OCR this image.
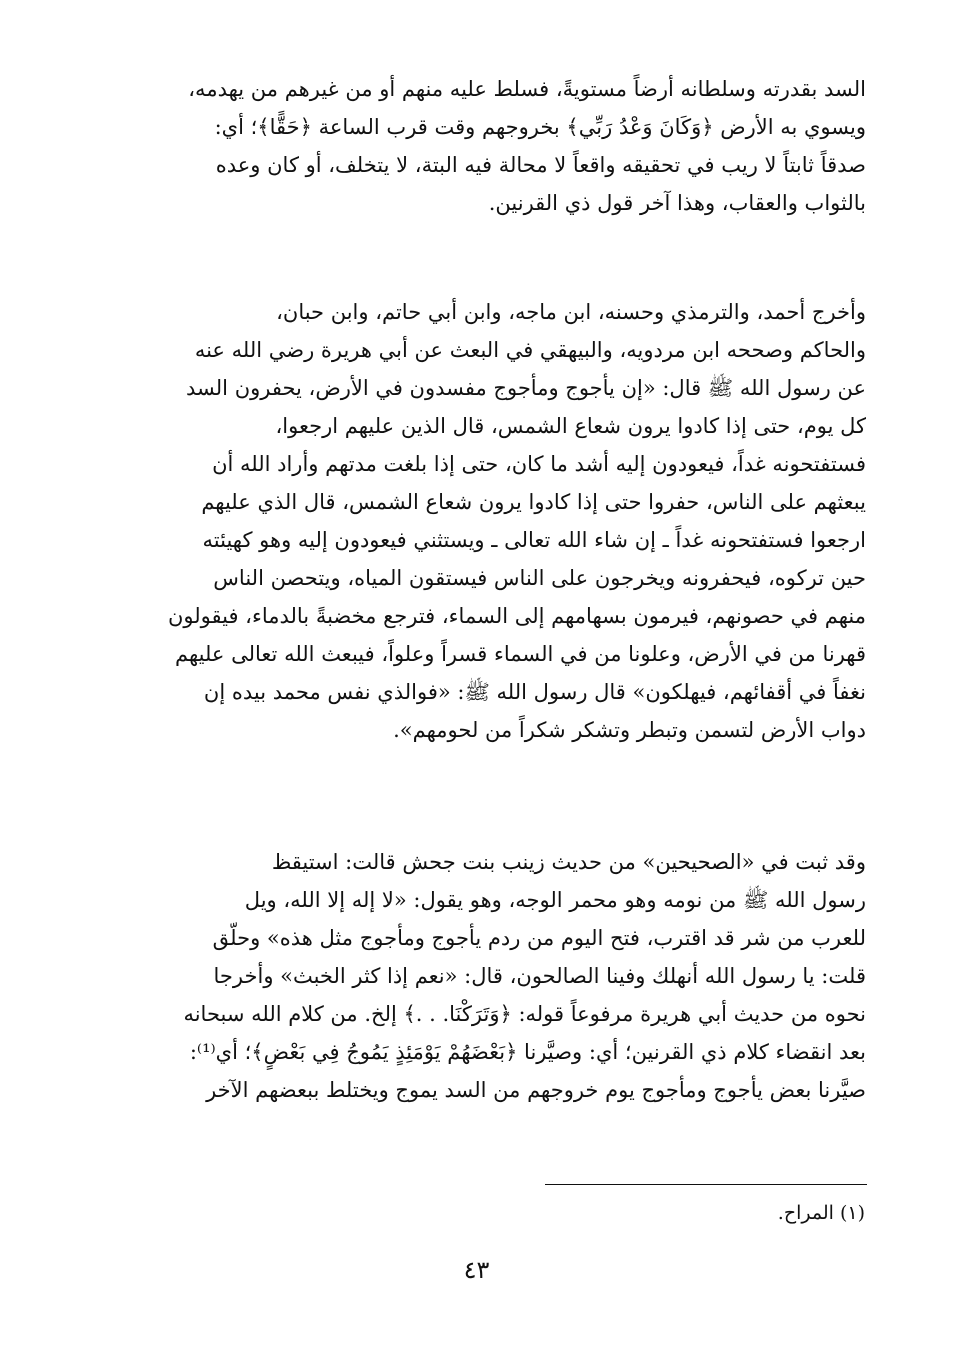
السد بقدرته وسلطانه أرضاً مستويةً، فسلط عليه منهم أو من غيرهم من يهدمه،
ويسوي به الأرض ﴿وَكَانَ وَعْدُ رَبِّي﴾ بخروجهم وقت قرب الساعة ﴿حَقًّا﴾؛ أي:
صدقاً ثابتاً لا ريب في تحقيقه واقعاً لا محالة فيه البتة، لا يتخلف، أو كان وعده
بالثواب والعقاب، وهذا آخر قول ذي القرنين.
وأخرج أحمد، والترمذي وحسنه، ابن ماجه، وابن أبي حاتم، وابن حبان،
والحاكم وصححه ابن مردويه، والبيهقي في البعث عن أبي هريرة رضي الله عنه
عن رسول الله ﷺ قال: «إن يأجوج ومأجوج مفسدون في الأرض، يحفرون السد
كل يوم، حتى إذا كادوا يرون شعاع الشمس، قال الذين عليهم ارجعوا،
فستفتحونه غداً، فيعودون إليه أشد ما كان، حتى إذا بلغت مدتهم وأراد الله أن
يبعثهم على الناس، حفروا حتى إذا كادوا يرون شعاع الشمس، قال الذي عليهم
ارجعوا فستفتحونه غداً ـ إن شاء الله تعالى ـ ويستثني فيعودون إليه وهو كهيئته
حين تركوه، فيحفرونه ويخرجون على الناس فيستقون المياه، ويتحصن الناس
منهم في حصونهم، فيرمون بسهامهم إلى السماء، فترجع مخضبةً بالدماء، فيقولون
قهرنا من في الأرض، وعلونا من في السماء قسراً وعلواً، فيبعث الله تعالى عليهم
نغفاً في أقفائهم، فيهلكون» قال رسول الله ﷺ: «فوالذي نفس محمد بيده إن
دواب الأرض لتسمن وتبطر وتشكر شكراً من لحومهم».
وقد ثبت في «الصحيحين» من حديث زينب بنت جحش قالت: استيقظ
رسول الله ﷺ من نومه وهو محمر الوجه، وهو يقول: «لا إله إلا الله، ويل
للعرب من شر قد اقترب، فتح اليوم من ردم يأجوج ومأجوج مثل هذه» وحلّق
قلت: يا رسول الله أنهلك وفينا الصالحون، قال: «نعم إذا كثر الخبث» وأخرجا
نحوه من حديث أبي هريرة مرفوعاً قوله: ﴿وَتَرَكْنَا. . .﴾ إلخ. من كلام الله سبحانه
بعد انقضاء كلام ذي القرنين؛ أي: وصيَّرنا ﴿بَعْضَهُمْ يَوْمَئِذٍ يَمُوجُ فِي بَعْضٍ﴾؛ أي⁽¹⁾:
صيَّرنا بعض يأجوج ومأجوج يوم خروجهم من السد يموج ويختلط ببعضهم الآخر
(١) المراح.
٤٣
